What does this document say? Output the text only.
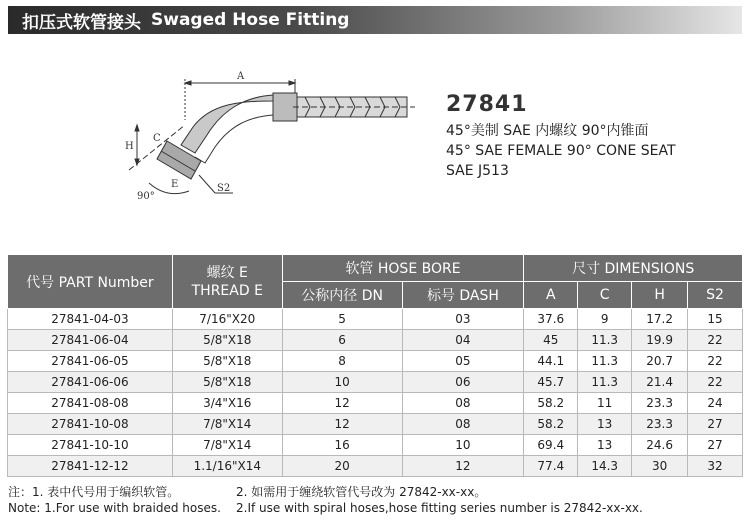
扣压式软管接头 Swaged Hose Fitting
A
H
C
E	S2
90°
27841
45°美制 SAE 内螺纹 90°内锥面
45° SAE FEMALE 90° CONE SEAT
SAE J513
代号 PART Number	螺纹 E
THREAD E	软管 HOSE BORE		尺寸 DIMENSIONS			
		公称内径 DN	标号 DASH	A	C	H	S2
27841-04-03	7/16"X20	5	03	37.6	9	17.2	15
27841-06-04	5/8"X18	6	04	45	11.3	19.9	22
27841-06-05	5/8"X18	8	05	44.1	11.3	20.7	22
27841-06-06	5/8"X18	10	06	45.7	11.3	21.4	22
27841-08-08	3/4"X16	12	08	58.2	11	23.3	24
27841-10-08	7/8"X14	12	08	58.2	13	23.3	27
27841-10-10	7/8"X14	16	10	69.4	13	24.6	27
27841-12-12	1.1/16"X14	20	12	77.4	14.3	30	32
注：1. 表中代号用于编织软管。
Note: 1.For use with braided hoses.
2. 如需用于缠绕软管代号改为 27842-xx-xx。
2.If use with spiral hoses,hose fitting series number is 27842-xx-xx.
